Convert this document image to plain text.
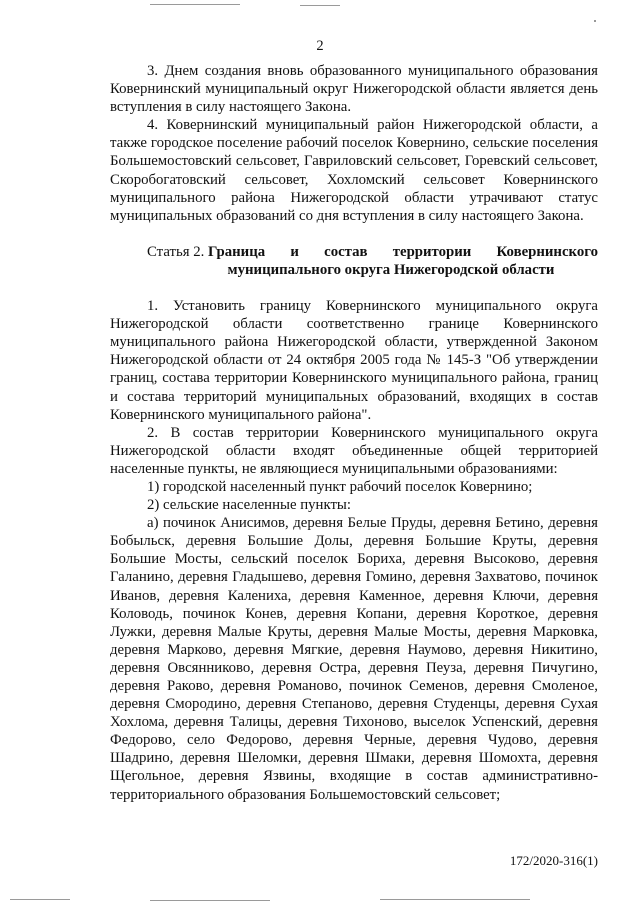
2

3. Днем создания вновь образованного муниципального образования Ковернинский муниципальный округ Нижегородской области является день вступления в силу настоящего Закона.

4. Ковернинский муниципальный район Нижегородской области, а также городское поселение рабочий поселок Ковернино, сельские поселения Большемостовский сельсовет, Гавриловский сельсовет, Горевский сельсовет, Скоробогатовский сельсовет, Хохломский сельсовет Ковернинского муниципального района Нижегородской области утрачивают статус муниципальных образований со дня вступления в силу настоящего Закона.

Статья 2. Граница и состав территории Ковернинского
муниципального округа Нижегородской области

1. Установить границу Ковернинского муниципального округа Нижегородской области соответственно границе Ковернинского муниципального района Нижегородской области, утвержденной Законом Нижегородской области от 24 октября 2005 года № 145-З "Об утверждении границ, состава территории Ковернинского муниципального района, границ и состава территорий муниципальных образований, входящих в состав Ковернинского муниципального района".

2. В состав территории Ковернинского муниципального округа Нижегородской области входят объединенные общей территорией населенные пункты, не являющиеся муниципальными образованиями:

1) городской населенный пункт рабочий поселок Ковернино;

2) сельские населенные пункты:

а) починок Анисимов, деревня Белые Пруды, деревня Бетино, деревня Бобыльск, деревня Большие Долы, деревня Большие Круты, деревня Большие Мосты, сельский поселок Бориха, деревня Высоково, деревня Галанино, деревня Гладышево, деревня Гомино, деревня Захватово, починок Иванов, деревня Калениха, деревня Каменное, деревня Ключи, деревня Коловодь, починок Конев, деревня Копани, деревня Короткое, деревня Лужки, деревня Малые Круты, деревня Малые Мосты, деревня Марковка, деревня Марково, деревня Мягкие, деревня Наумово, деревня Никитино, деревня Овсянниково, деревня Острa, деревня Пеуза, деревня Пичугино, деревня Раково, деревня Романово, починок Семенов, деревня Смоленое, деревня Смородино, деревня Степаново, деревня Студенцы, деревня Сухая Хохлома, деревня Талицы, деревня Тихоново, выселок Успенский, деревня Федорово, село Федорово, деревня Черные, деревня Чудово, деревня Шадрино, деревня Шеломки, деревня Шмаки, деревня Шомохта, деревня Щегольное, деревня Язвины, входящие в состав административно-территориального образования Большемостовский сельсовет;

172/2020-316(1)
